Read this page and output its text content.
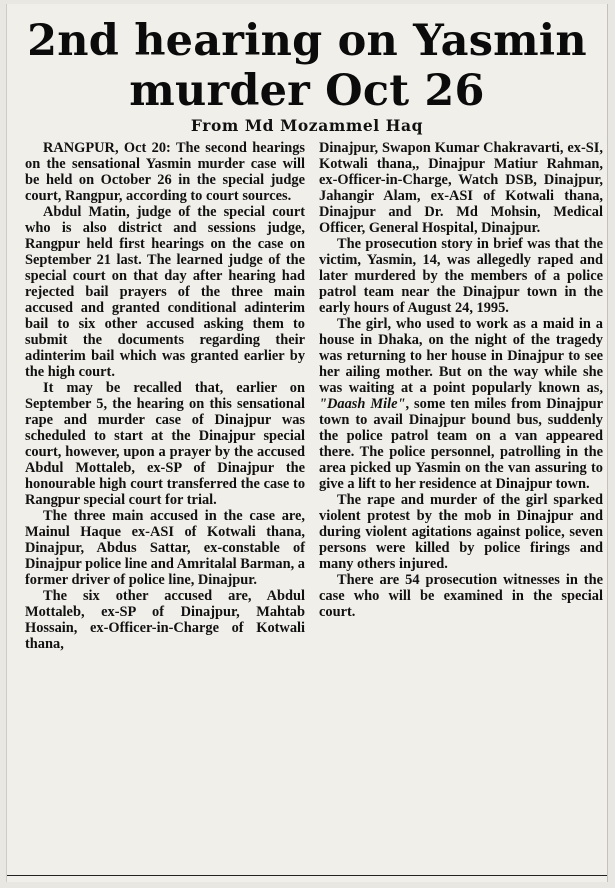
2nd hearing on Yasmin
murder Oct 26
From Md Mozammel Haq

RANGPUR, Oct 20: The second hearings on the sensational Yasmin murder case will be held on October 26 in the special judge court, Rangpur, according to court sources.

Abdul Matin, judge of the special court who is also district and sessions judge, Rangpur held first hearings on the case on September 21 last. The learned judge of the special court on that day after hearing had rejected bail prayers of the three main accused and granted conditional adinterim bail to six other accused asking them to submit the documents regarding their adinterim bail which was granted earlier by the high court.

It may be recalled that, earlier on September 5, the hearing on this sensational rape and murder case of Dinajpur was scheduled to start at the Dinajpur special court, however, upon a prayer by the accused Abdul Mottaleb, ex-SP of Dinajpur the honourable high court transferred the case to Rangpur special court for trial.

The three main accused in the case are, Mainul Haque ex-ASI of Kotwali thana, Dinajpur, Abdus Sattar, ex-constable of Dinajpur police line and Amritalal Barman, a former driver of police line, Dinajpur.

The six other accused are, Abdul Mottaleb, ex-SP of Dinajpur, Mahtab Hossain, ex-Officer-in-Charge of Kotwali thana,

Dinajpur, Swapon Kumar Chakravarti, ex-SI, Kotwali thana,, Dinajpur Matiur Rahman, ex-Officer-in-Charge, Watch DSB, Dinajpur, Jahangir Alam, ex-ASI of Kotwali thana, Dinajpur and Dr. Md Mohsin, Medical Officer, General Hospital, Dinajpur.

The prosecution story in brief was that the victim, Yasmin, 14, was allegedly raped and later murdered by the members of a police patrol team near the Dinajpur town in the early hours of August 24, 1995.

The girl, who used to work as a maid in a house in Dhaka, on the night of the tragedy was returning to her house in Dinajpur to see her ailing mother. But on the way while she was waiting at a point popularly known as, "Daash Mile", some ten miles from Dinajpur town to avail Dinajpur bound bus, suddenly the police patrol team on a van appeared there. The police personnel, patrolling in the area picked up Yasmin on the van assuring to give a lift to her residence at Dinajpur town.

The rape and murder of the girl sparked violent protest by the mob in Dinajpur and during violent agitations against police, seven persons were killed by police firings and many others injured.

There are 54 prosecution witnesses in the case who will be examined in the special court.
